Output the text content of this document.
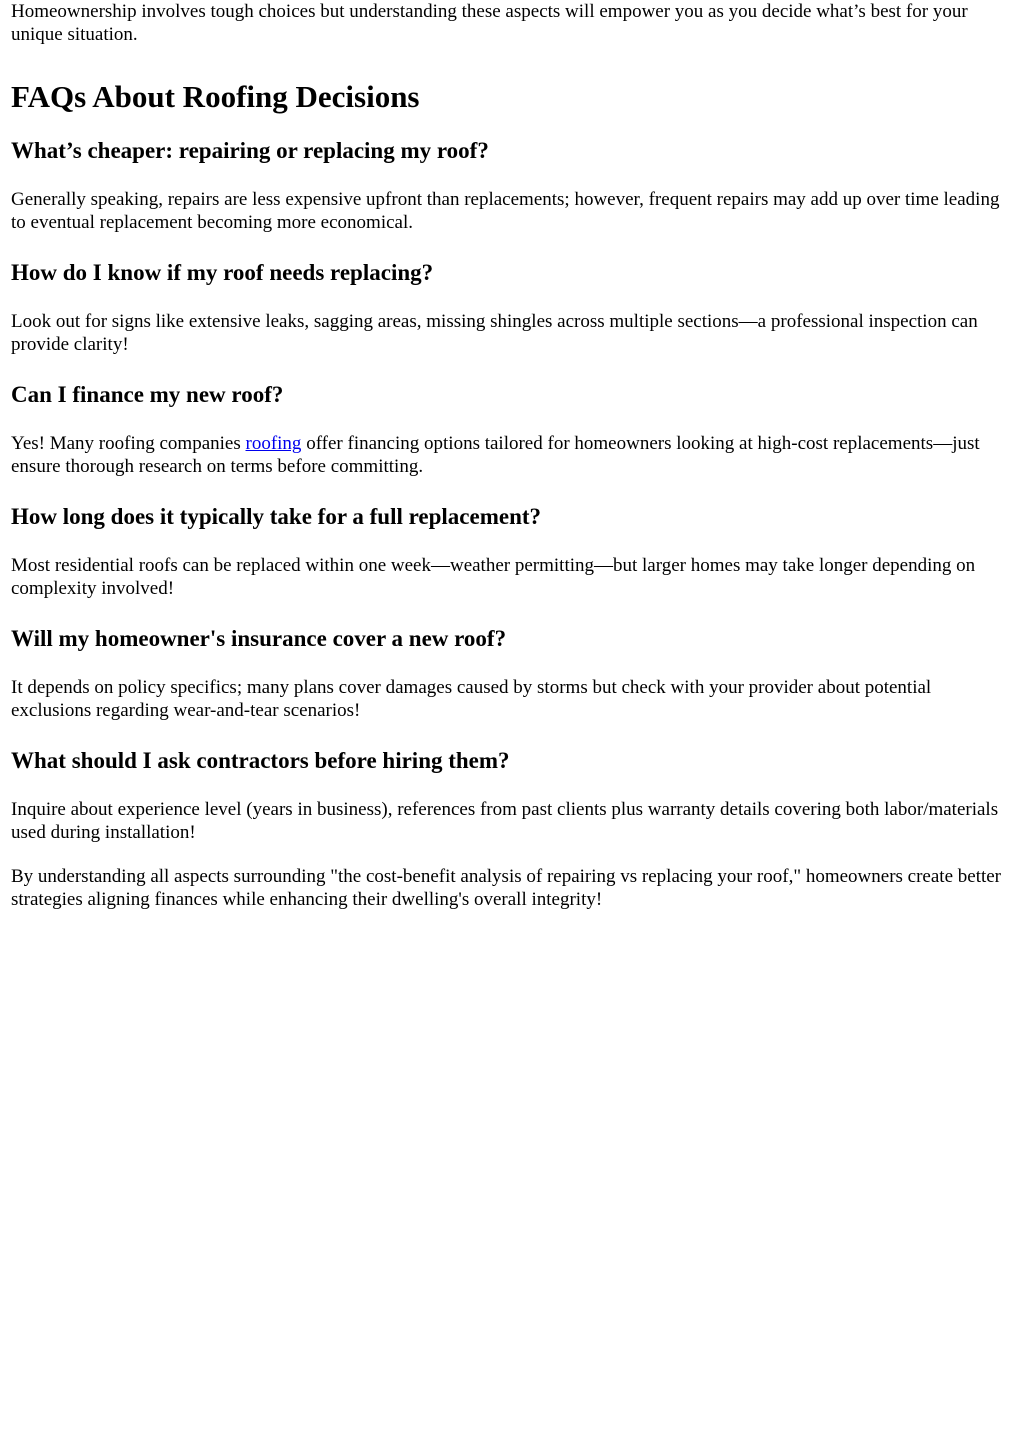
Homeownership involves tough choices but understanding these aspects will empower you as you decide what’s best for your unique situation.

FAQs About Roofing Decisions
What’s cheaper: repairing or replacing my roof?

Generally speaking, repairs are less expensive upfront than replacements; however, frequent repairs may add up over time leading to eventual replacement becoming more economical.

How do I know if my roof needs replacing?

Look out for signs like extensive leaks, sagging areas, missing shingles across multiple sections—a professional inspection can provide clarity!

Can I finance my new roof?

Yes! Many roofing companies roofing offer financing options tailored for homeowners looking at high-cost replacements—just ensure thorough research on terms before committing.

How long does it typically take for a full replacement?

Most residential roofs can be replaced within one week—weather permitting—but larger homes may take longer depending on complexity involved!

Will my homeowner's insurance cover a new roof?

It depends on policy specifics; many plans cover damages caused by storms but check with your provider about potential exclusions regarding wear-and-tear scenarios!

What should I ask contractors before hiring them?

Inquire about experience level (years in business), references from past clients plus warranty details covering both labor/materials used during installation!

By understanding all aspects surrounding "the cost-benefit analysis of repairing vs replacing your roof," homeowners create better strategies aligning finances while enhancing their dwelling's overall integrity!
